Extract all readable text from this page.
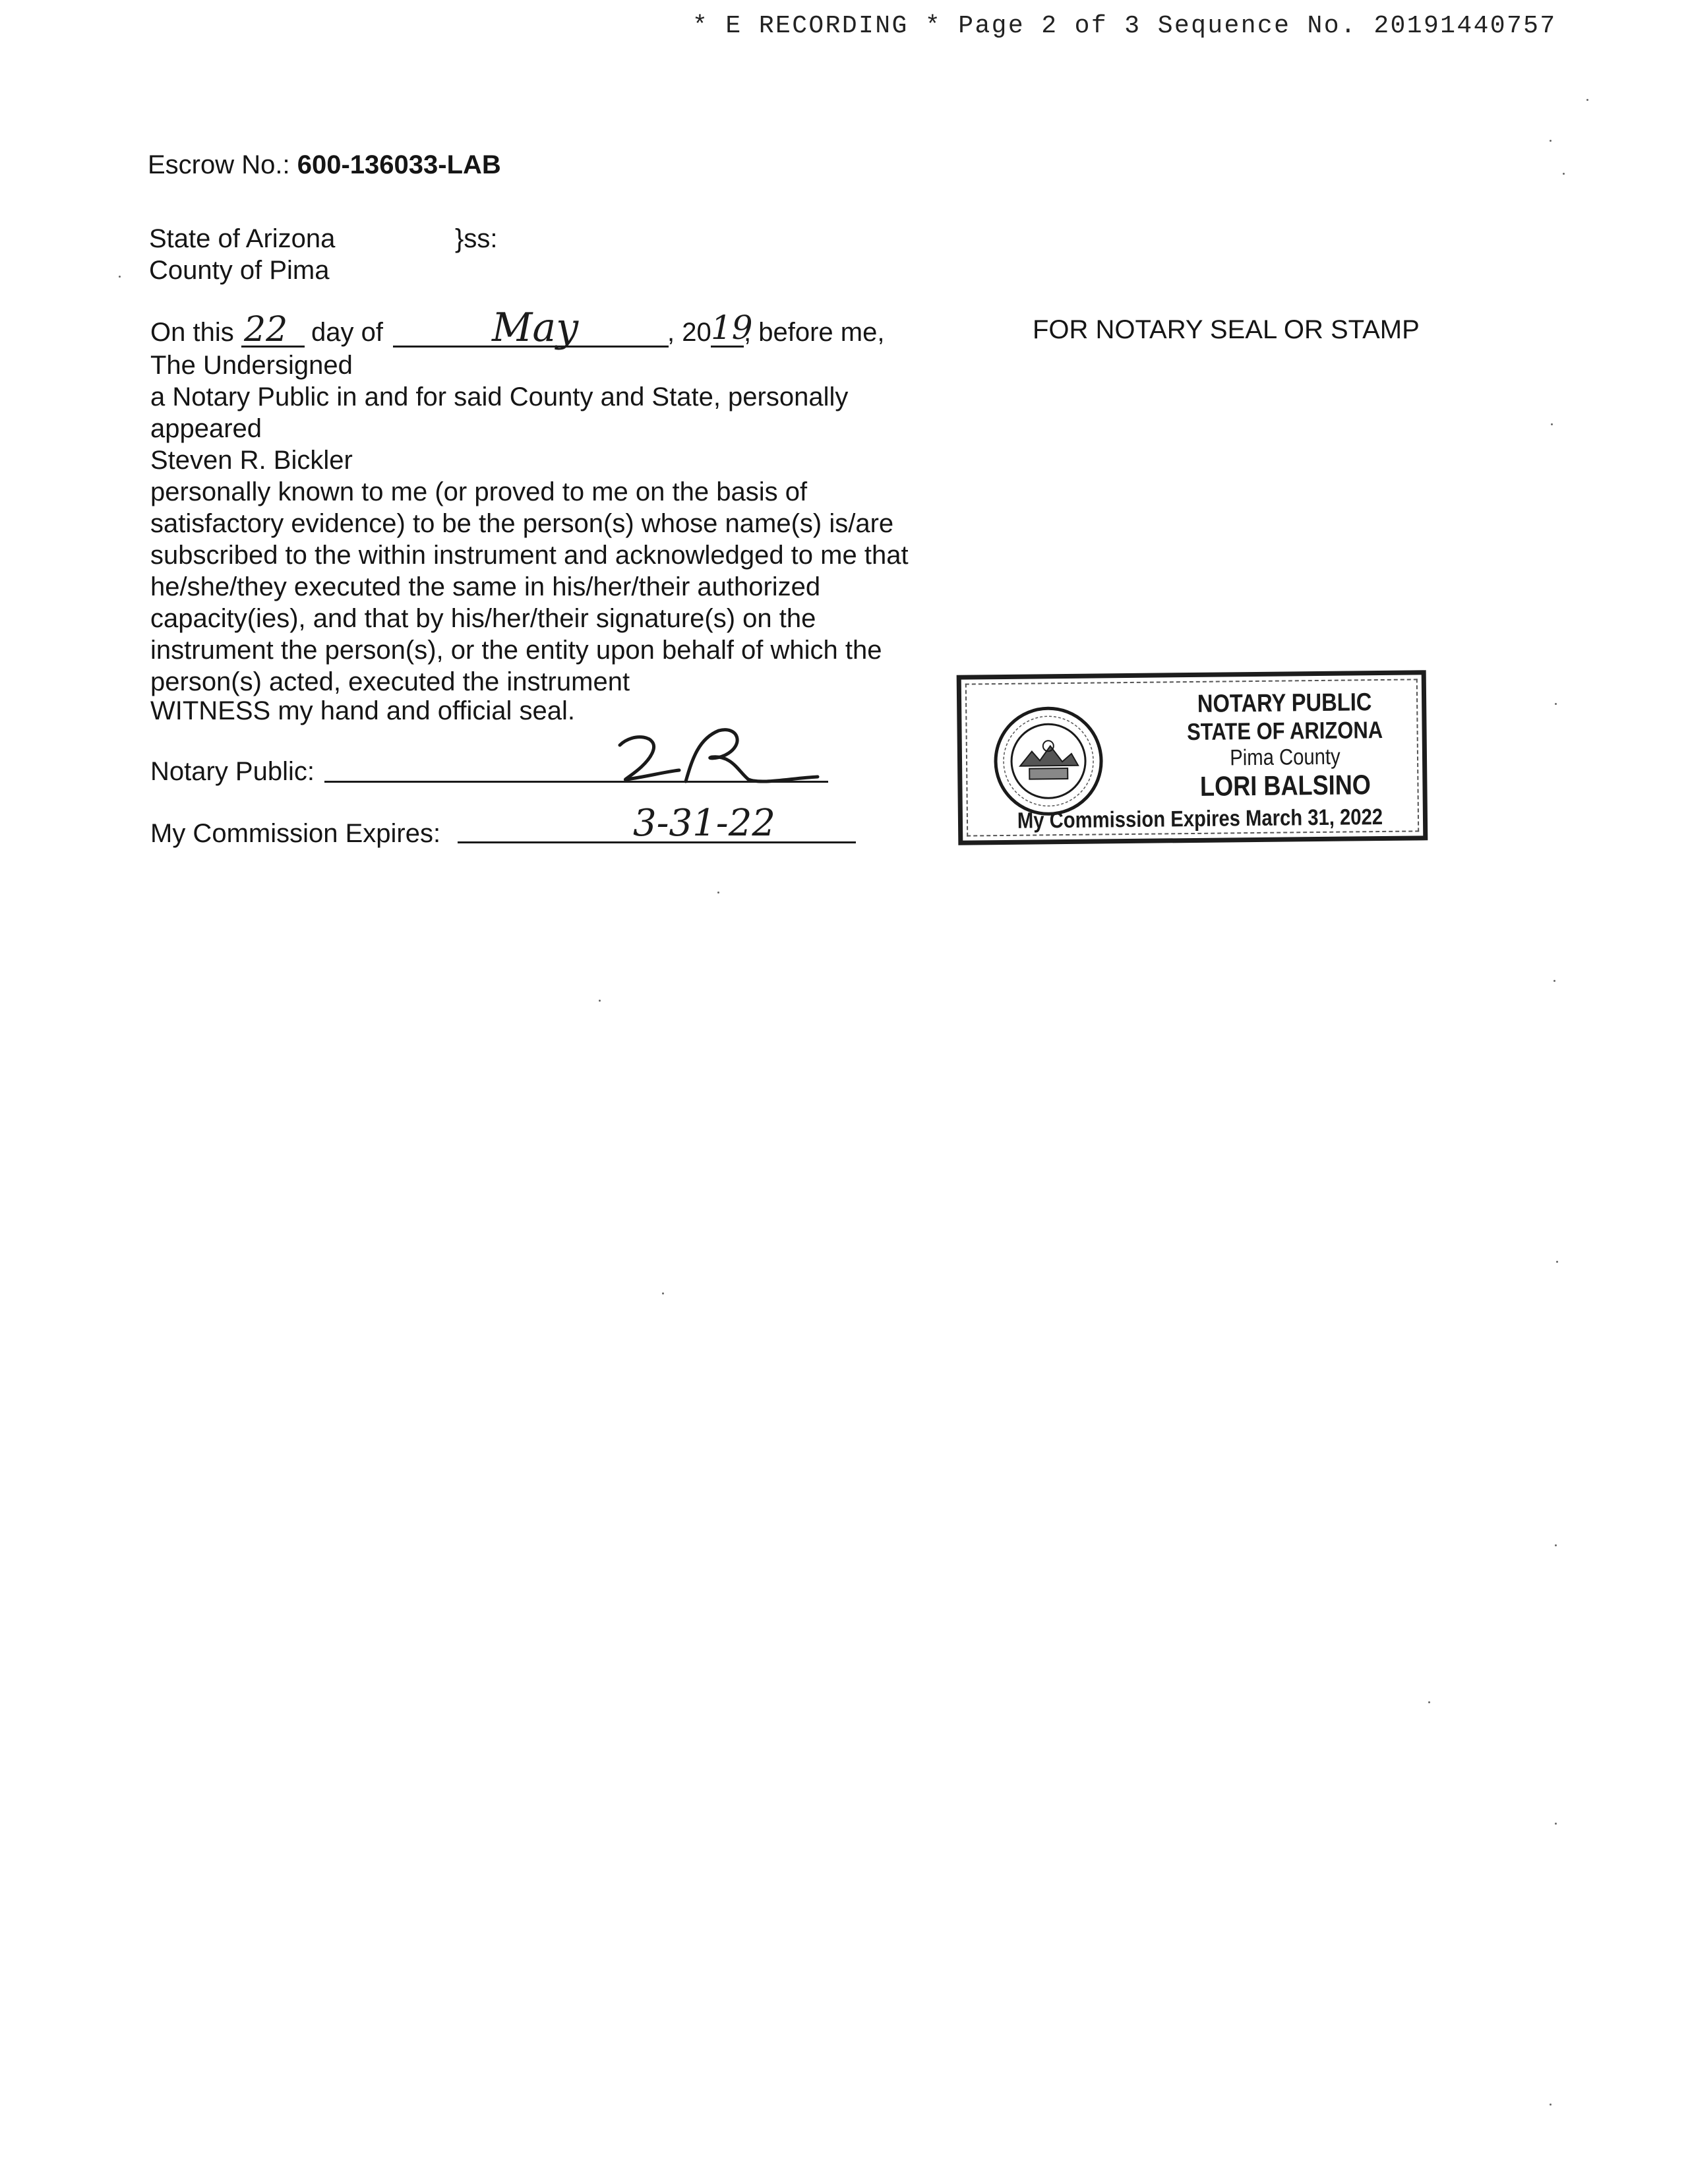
* E RECORDING * Page 2 of 3 Sequence No. 20191440757
Escrow No.: 600-136033-LAB
State of Arizona	}ss:
County of Pima
On this 22 day of	May	, 20 19
, before me,
The Undersigned
a Notary Public in and for said County and State, personally
appeared
Steven R. Bickler
personally known to me (or proved to me on the basis of
satisfactory evidence) to be the person(s) whose name(s) is/are
subscribed to the within instrument and acknowledged to me that
he/she/they executed the same in his/her/their authorized
capacity(ies), and that by his/her/their signature(s) on the
instrument the person(s), or the entity upon behalf of which the
person(s) acted, executed the instrument
WITNESS my hand and official seal.
Notary Public:
My Commission Expires:	3-31-22
FOR NOTARY SEAL OR STAMP
NOTARY PUBLIC
STATE OF ARIZONA
Pima County
LORI BALSINO
My Commission Expires March 31, 2022
